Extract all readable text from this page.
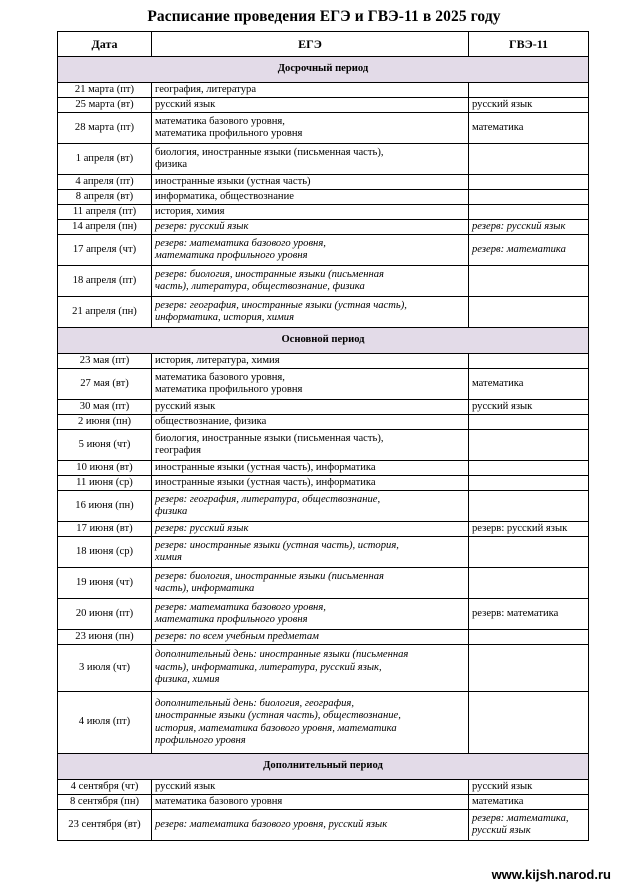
Расписание проведения ЕГЭ и ГВЭ-11 в 2025 году
Дата	ЕГЭ	ГВЭ-11
Досрочный период		
21 марта (пт)	география, литература	
25 марта (вт)	русский язык	русский язык
28 марта (пт)	математика базового уровня,
математика профильного уровня	математика
1 апреля (вт)	биология, иностранные языки (письменная часть),
физика	
4 апреля (пт)	иностранные языки (устная часть)	
8 апреля (вт)	информатика, обществознание	
11 апреля (пт)	история, химия	
14 апреля (пн)	резерв: русский язык	резерв: русский язык
17 апреля (чт)	резерв: математика базового уровня,
математика профильного уровня	резерв: математика
18 апреля (пт)	резерв: биология, иностранные языки (письменная
часть), литература, обществознание, физика	
21 апреля (пн)	резерв: география, иностранные языки (устная часть),
информатика, история, химия	
Основной период		
23 мая (пт)	история, литература, химия	
27 мая (вт)	математика базового уровня,
математика профильного уровня	математика
30 мая (пт)	русский язык	русский язык
2 июня (пн)	обществознание, физика	
5 июня (чт)	биология, иностранные языки (письменная часть),
география	
10 июня (вт)	иностранные языки (устная часть), информатика	
11 июня (ср)	иностранные языки (устная часть), информатика	
16 июня (пн)	резерв: география, литература, обществознание,
физика	
17 июня (вт)	резерв: русский язык	резерв: русский язык
18 июня (ср)	резерв: иностранные языки (устная часть), история,
химия	
19 июня (чт)	резерв: биология, иностранные языки (письменная
часть), информатика	
20 июня (пт)	резерв: математика базового уровня,
математика профильного уровня	резерв: математика
23 июня (пн)	резерв: по всем учебным предметам	
3 июля (чт)	дополнительный день: иностранные языки (письменная
часть), информатика, литература, русский язык,
физика, химия	
4 июля (пт)	дополнительный день: биология, география,
иностранные языки (устная часть), обществознание,
история, математика базового уровня, математика
профильного уровня	
Дополнительный период		
4 сентября (чт)	русский язык	русский язык
8 сентября (пн)	математика базового уровня	математика
23 сентября (вт)	резерв: математика базового уровня, русский язык	резерв: математика,
русский язык
www.kijsh.narod.ru
